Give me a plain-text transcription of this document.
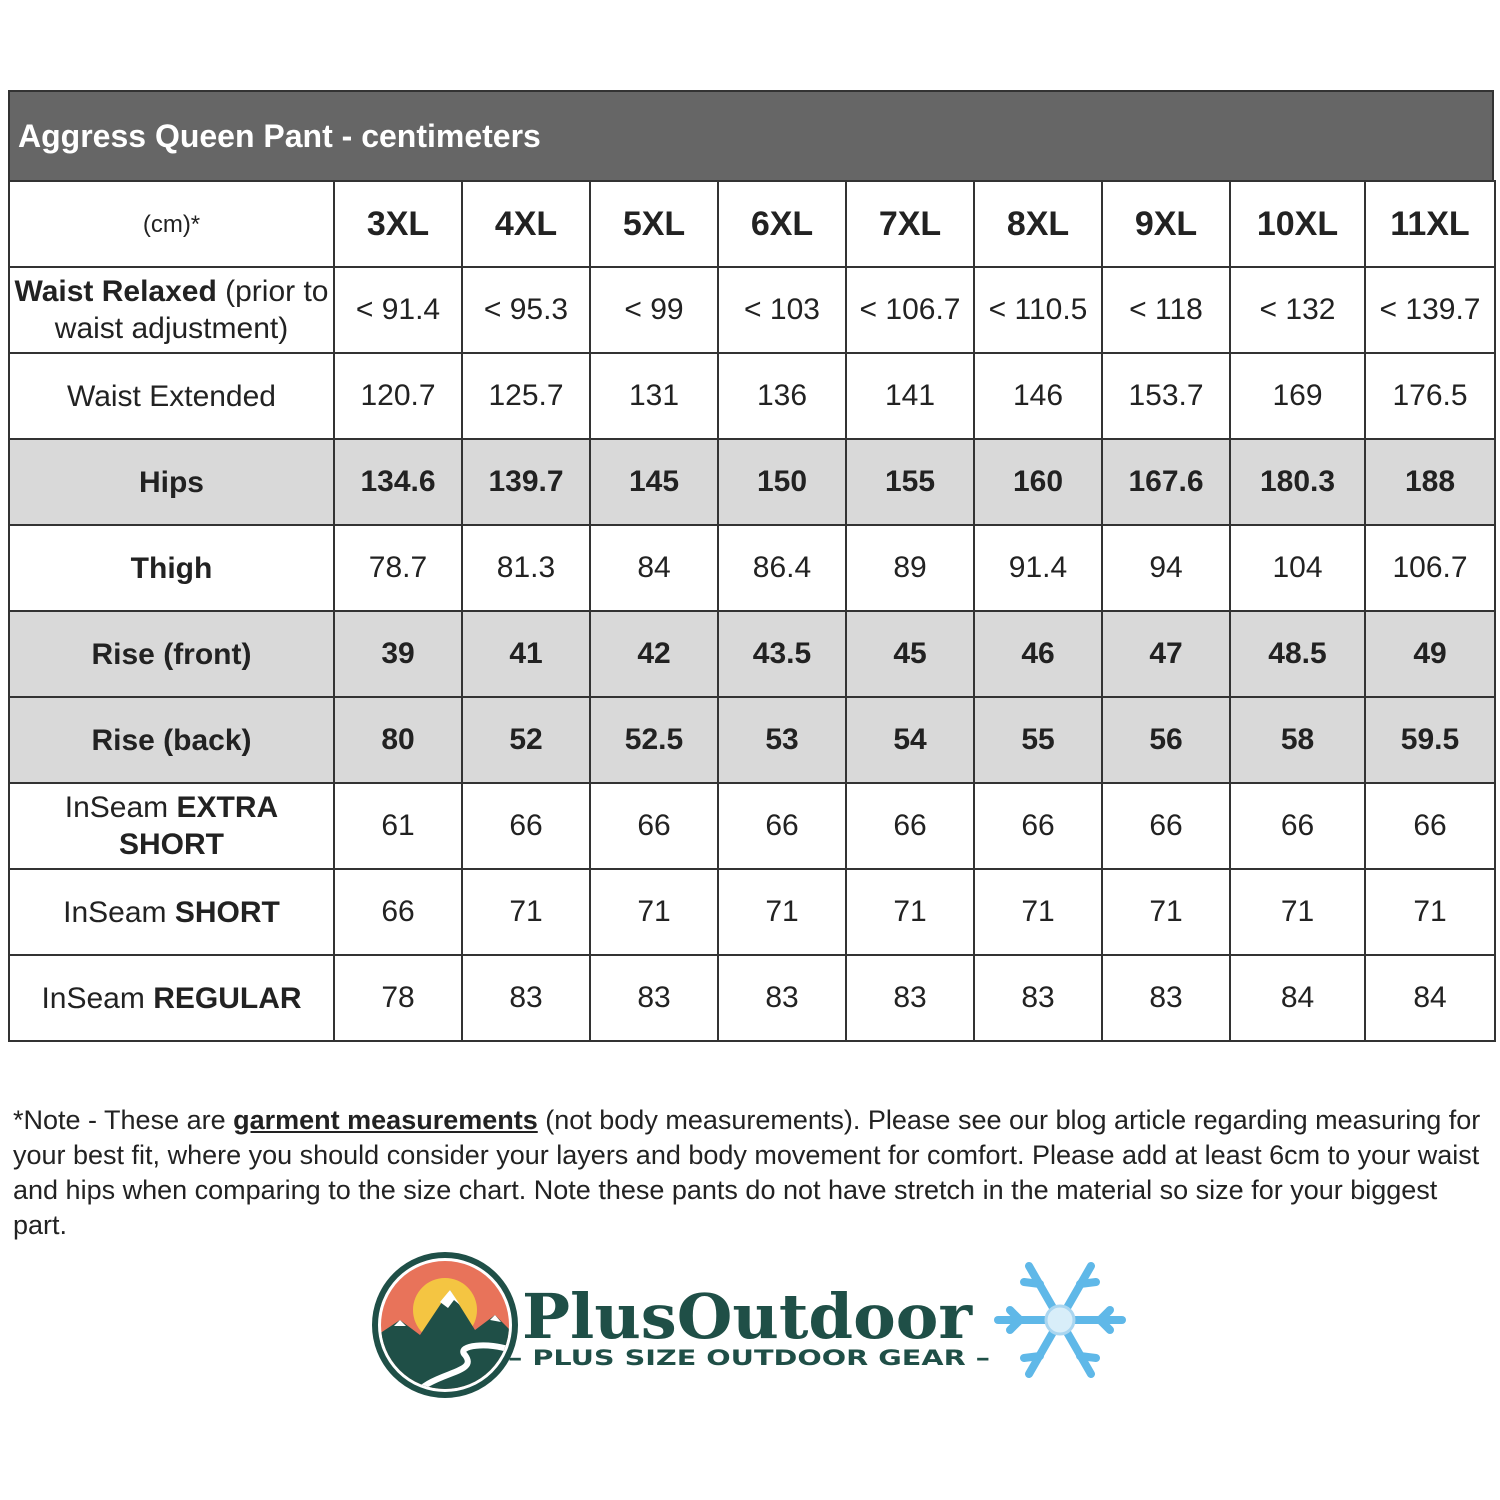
Aggress Queen Pant - centimeters
(cm)*	3XL	4XL	5XL	6XL	7XL	8XL	9XL	10XL	11XL
Waist Relaxed (prior to waist adjustment)	< 91.4	< 95.3	< 99	< 103	< 106.7	< 110.5	< 118	< 132	< 139.7
Waist Extended	120.7	125.7	131	136	141	146	153.7	169	176.5
Hips	134.6	139.7	145	150	155	160	167.6	180.3	188
Thigh	78.7	81.3	84	86.4	89	91.4	94	104	106.7
Rise (front)	39	41	42	43.5	45	46	47	48.5	49
Rise (back)	80	52	52.5	53	54	55	56	58	59.5
InSeam EXTRA SHORT	61	66	66	66	66	66	66	66	66
InSeam SHORT	66	71	71	71	71	71	71	71	71
InSeam REGULAR	78	83	83	83	83	83	83	84	84

*Note - These are garment measurements (not body measurements). Please see our blog article regarding measuring for your best fit, where you should consider your layers and body movement for comfort. Please add at least 6cm to your waist and hips when comparing to the size chart. Note these pants do not have stretch in the material so size for your biggest part.

PlusOutdoor
– PLUS SIZE OUTDOOR GEAR –
